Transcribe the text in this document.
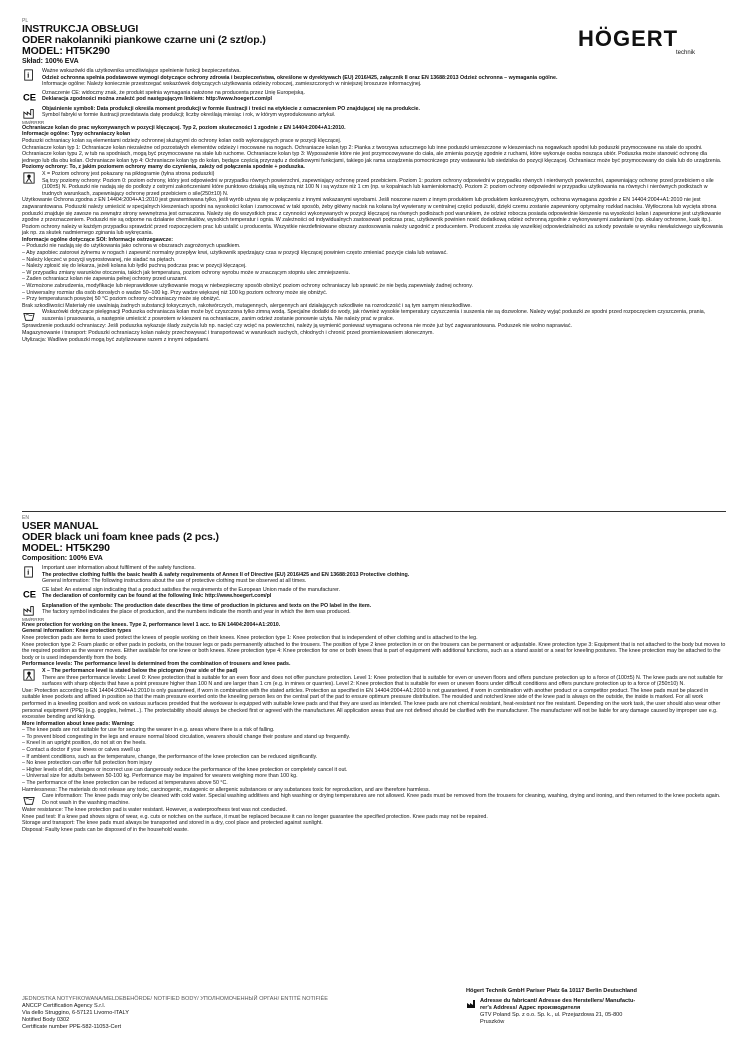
HÖGERT
technik
PL
INSTRUKCJA OBSŁUGI
ODER nakolanniki piankowe czarne uni (2 szt/op.)
MODEL: HT5K290
Skład: 100% EVA
i

Ważne wskazówki dla użytkownika umożliwiające spełnienie funkcji bezpieczeństwa.

Odzież ochronna spełnia podstawowe wymogi dotyczące ochrony zdrowia i bezpieczeństwa, określone w dyrektywach (EU) 2016/425, załącznik II oraz EN 13688:2013 Odzież ochronna – wymagania ogólne.

Informacje ogólne: Należy koniecznie przestrzegać wskazówek dotyczących użytkowania odzieży roboczej, zamieszczonych w niniejszej broszurze informacyjnej.

CE Oznaczenie CE: widoczny znak, że produkt spełnia wymagania nałożone na producenta przez Unię Europejską.

Deklaracja zgodności można znaleźć pod następującym linkiem: http://www.hoegert.com/pl

Objaśnienie symboli: Data produkcji określa moment produkcji w formie ilustracji i treści na etykiecie z oznaczeniem PO znajdującej się na produkcie.

Symbol fabryki w formie ilustracji przedstawia datę produkcji; liczby określają miesiąc i rok, w którym wyprodukowano artykuł.

MM/RRRR

Ochraniacze kolan do prac wykonywanych w pozycji klęczącej. Typ 2, poziom skuteczności 1 zgodnie z EN 14404:2004+A1:2010.

Informacje ogólne: Typy ochraniaczy kolan

Poduszki ochraniacy kolan są elementami odzieży ochronnej służącymi do ochrony kolan osób wykonujących prace w pozycji klęczącej.

Ochraniacze kolan typ 1: Ochraniacze kolan niezależne od pozostałych elementów odzieży i mocowane na nogach. Ochraniacze kolan typ 2: Pianka z tworzywa sztucznego lub inne poduszki umieszczone w kieszeniach na nogawkach spodni lub poduszki przymocowane na stałe do spodni. Ochraniacze kolan typu 2, w tub na spodniach, mogą być przymocowane na stałe lub ruchome. Ochraniacze kolan typ 3: Wyposażenie które nie jest przymocowywane do ciała, ale zmienia pozycję zgodnie z ruchami, które wykonuje osoba nosząca ubiór. Poduszka może stanowić ochronę dla jednego lub dla obu kolan. Ochraniacze kolan typ 4: Ochraniacze kolan typ do kolan, będące częścią przyrządu z dodatkowymi funkcjami, takiego jak rama urządzenia pomocniczego przy wstawaniu lub siedziska do pozycji klęczącej. Ochraniacz może być przymocowany do ciała lub do urządzenia.

Poziomy ochrony: To, z jakim poziomem ochrony mamy do czynienia, zależy od połączenia spodnie + poduszka.

X = Poziom ochrony jest pokazany na piktogramie (tylna strona poduszki)

Są trzy poziomy ochrony: Poziom 0: poziom ochrony, który jest odpowiedni w przypadku równych powierzchni, zapewniający ochronę przed przebiciem. Poziom 1: poziom ochrony odpowiedni w przypadku równych i nierównych powierzchni, zapewniający ochronę przed przebiciem o sile (100±5) N. Poduszki nie nadają się do podłoży z ostrymi zakończeniami które punktowo działają siłą wyższą niż 100 N i są wyższe niż 1 cm (np. w kopalniach lub kamieniołomach). Poziom 2: poziom ochrony odpowiedni w przypadku użytkowania na równych i nierównych podłożach w trudnych warunkach, zapewniający ochronę przed przebiciem o sile(250±10) N.

Użytkowanie Ochrona zgodna z EN 14404:2004+A1:2010 jest gwarantowana tylko, jeśli wyrób używa się w połączeniu z innymi wskazanymi wyrobami. Jeśli noszone razem z innym produktem lub produktem konkurencyjnym, ochrona wymagana zgodnie z EN 14404:2004+A1:2010 nie jest zagwarantowana. Poduszki należy umieścić w specjalnych kieszeniach spodni na wysokości kolan i zamocować w taki sposób, żeby główny nacisk na kolana był wywierany w centralnej części poduszki, dzięki czemu zostanie zapewniony optymalny rozkład nacisku. Wytłoczona lub wycięta strona poduszki znajduje się zawsze na zewnątrz strony wewnętrzna jest oznaczona. Należy się do wszystkich prac z czynności wykonywanych w pozycji klęczącej na równych podłożach pod warunkiem, że odzież robocza posiada odpowiednie kieszenie na wysokości kolan i zapewnione jest użytkowanie zgodne z przeznaczeniem. Poduszki nie są odporne na działanie chemikaliów, wysokich temperatur i ognia. W zależności od indywidualnych zastosowań podczas prac, użytkownik powinien nosić dodatkową odzież ochronną zgodnie z wykonywanymi zadaniami (np. okulary ochronne, kask itp.). Poziom ochrony należy w każdym przypadku sprawdzić przed rozpoczęciem prac lub ustalić u producenta. Wszystkie niezdefiniowane obszary zastosowania należy uzgodnić z producentem. Producent zrzeka się wszelkiej odpowiedzialności za szkody powstałe w wyniku niewłaściwego użytkowania jak np. za skutek nadmiernego zginania lub wykręcania.

Informacje ogólne dotyczące SOI: Informacje ostrzegawcze:

– Poduszki nie nadają się do użytkowania jako ochrona w obszarach zagrożonych upadkiem.

– Aby zapobiec zatorowi żylnemu w nogach i zapewnić normalny przepływ krwi, użytkownik spędzający czas w pozycji klęczącej powinien często zmieniać pozycje ciała lub wstawać.

– Należy klęczeć w pozycji wyprostowanej, nie siadać na piętach.

– Należy zgłosić się do lekarza, jeżeli kolana lub łydki puchną podczas prac w pozycji klęczącej.

– W przypadku zmiany warunków otoczenia, takich jak temperatura, poziom ochrony wyrobu może w znaczącym stopniu ulec zmniejszeniu.

– Żaden ochraniacz kolan nie zapewnia pełnej ochrony przed urazami.

– Wzmożone zabrudzenia, modyfikacje lub nieprawidłowe użytkowanie mogą w niebezpieczny sposób obniżyć poziom ochrony ochraniaczy lub sprawić że nie będą zapewniały żadnej ochrony.

– Uniwersalny rozmiar dla osób dorosłych o wadze 50–100 kg. Przy wadze większej niż 100 kg poziom ochrony może się obniżyć.

– Przy temperaturach powyżej 50 °C poziom ochrony ochraniaczy może się obniżyć.

Brak szkodliwości Materiały nie uwalniają żadnych substancji toksycznych, rakotwórczych, mutagennych, alergennych ani działających szkodliwie na rozrodczość i są tym samym nieszkodliwe.

Wskazówki dotyczące pielęgnacji Poduszka ochraniacza kolan może być czyszczona tylko zimną wodą. Specjalne dodatki do wody, jak również wysokie temperatury czyszczenia i suszenia nie są dozwolone. Należy wyjąć poduszki ze spodni przed rozpoczęciem czyszczenia, prania, suszenia i prasowania, a następnie umieścić z powrotem w kieszeni na ochraniacze, zanim odzież zostanie ponownie użyta. Nie należy prać w pralce.

Sprawdzenie poduszki ochraniaczy: Jeśli poduszka wykazuje ślady zużycia lub np. nacięć czy wcięć na powierzchni, należy ją wymienić ponieważ wymagana ochrona nie może już być zagwarantowana. Poduszek nie wolno naprawiać.

Magazynowanie i transport: Poduszki ochraniaczy kolan należy przechowywać i transportować w warunkach suchych, chłodnych i chronić przed promieniowaniem słonecznym.

Utylizacja: Wadliwe poduszki mogą być zutylizowane razem z innymi odpadami.

EN
USER MANUAL
ODER black uni foam knee pads (2 pcs.)
MODEL: HT5K290
Composition: 100% EVA
i

Important user information about fulfilment of the safety functions.

The protective clothing fulfils the basic health & safety requirements of Annex II of Directive (EU) 2016/425 and EN 13688:2013 Protective clothing.

General information: The following instructions about the use of protective clothing must be observed at all times.

CE CE label: An external sign indicating that a product satisfies the requirements of the European Union made of the manufacturer.

The declaration of conformity can be found at the following link: http://www.hoegert.com/pl

Explanation of the symbols: The production date describes the time of production in pictures and texts on the PO label in the item.

The factory symbol indicates the place of production, and the numbers indicate the month and year in which the item was produced.

MM/RRRR

Knee protection for working on the knees. Type 2, performance level 1 acc. to EN 14404:2004+A1:2010.

General information: Knee protection types

Knee protection pads are items to used protect the knees of people working on their knees. Knee protection type 1: Knee protection that is independent of other clothing and is attached to the leg.

Knee protection type 2: Foam plastic or other pads in pockets, on the trouser legs or pads permanently attached to the trousers. The position of type 2 knee protection in or on the trousers can be permanent or adjustable. Knee protection type 3: Equipment that is not attached to the body but moves to the required position as the wearer moves. Either available for one knee or both knees. Knee protection type 4: Knee protection for one or both knees that is part of equipment with additional functions, such as a stand assist or a seat for kneeling postures. The knee protection may be attached to the body or is used independently from the body.

Performance levels: The performance level is determined from the combination of trousers and knee pads.

X – The performance level is stated below the pictogram (rear side of the pad)

There are three performance levels: Level 0: Knee protection that is suitable for an even floor and does not offer puncture protection. Level 1: Knee protection that is suitable for even or uneven floors and offers puncture protection up to a force of (100±5) N. The knee pads are not suitable for surfaces with sharp objects that have a point pressure higher than 100 N and are larger than 1 cm (e.g. in mines or quarries). Level 2: Knee protection that is suitable for even or uneven floors under difficult conditions and offers puncture protection up to a force of (250±10) N.

Use: Protection according to EN 14404:2004+A1:2010 is only guaranteed, if worn in combination with the stated articles. Protection as specified in EN 14404:2004+A1:2010 is not guaranteed, if worn in combination with another product or a competitor product. The knee pads must be placed in suitable knee pockets and affixed in position so that the main pressure exerted onto the kneeling person lies on the central part of the pad to ensure optimum pressure distribution. The moulded and notched knee side of the knee pad is always on the outside, the inside is marked. For all work performed in a kneeling position and work on various surfaces provided that the workwear is equipped with suitable knee pads and that they are used as intended. The knee pads are not chemical resistant, heat-resistant nor fire resistant. Depending on the work task, the user should also wear other personal equipment (PPE) (e.g. goggles, helmet...). The protectability should always be checked first or agreed with the manufacturer. All application areas that are not defined should be clarified with the manufacturer. The manufacturer will not be liable for any damage caused by improper use e.g. excessive bending and kinking.

More information about knee pads: Warning:

– The knee pads are not suitable for use for securing the wearer in e.g. areas where there is a risk of falling.

– To prevent blood congesting in the legs and ensure normal blood circulation, wearers should change their posture and stand up frequently.

– Kneel in an upright position, do not sit on the heels.

– Contact a doctor if your knees or calves swell up

– If ambient conditions, such as the temperature, change, the performance of the knee protection can be reduced significantly.

– No knee protection can offer full protection from injury

– Higher levels of dirt, changes or incorrect use can dangerously reduce the performance of the knee protection or completely cancel it out.

– Universal size for adults between 50-100 kg. Performance may be impaired for wearers weighing more than 100 kg.

– The performance of the knee protection can be reduced at temperatures above 50 °C.

Harmlessness: The materials do not release any toxic, carcinogenic, mutagenic or allergenic substances or any substances toxic for reproduction, and are therefore harmless.

Care information: The knee pads may only be cleaned with cold water. Special washing additives and high washing or drying temperatures are not allowed. Knee pads must be removed from the trousers for cleaning, washing, drying and ironing, and then returned to the knee pockets again. Do not wash in the washing machine.

Water resistance: The knee protection pad is water resistant. However, a waterproofness test was not conducted.

Knee pad test: If a knee pad shows signs of wear, e.g. cuts or notches on the surface, it must be replaced because it can no longer guarantee the specified protection. Knee pads may not be repaired.

Storage and transport: The knee pads must always be transported and stored in a dry, cool place and protected against sunlight.

Disposal: Faulty knee pads can be disposed of in the household waste.

JEDNOSTKA NOTYFIKOWANA/MELDEBEHÖRDE/ NOTIFIED BODY/ УПОЛНОМОЧЕННЫЙ ОРГАН/ ENTITÉ NOTIFIÉE
ANCCP Certification Agency S.r.l.
Via dello Struggino, 6-57121 Livorno-ITALY
Notified Body 0302
Certificate number PPE-582-11053-Cert
Högert Technik GmbH Pariser Platz 6a 10117 Berlin Deutschland
Adresse du fabricant/ Adresse des Herstellers/ Manufactu-
rer's Address/ Адрес производителя
GTV Poland Sp. z o.o. Sp. k., ul. Przejazdowa 21, 05-800
Pruszków
